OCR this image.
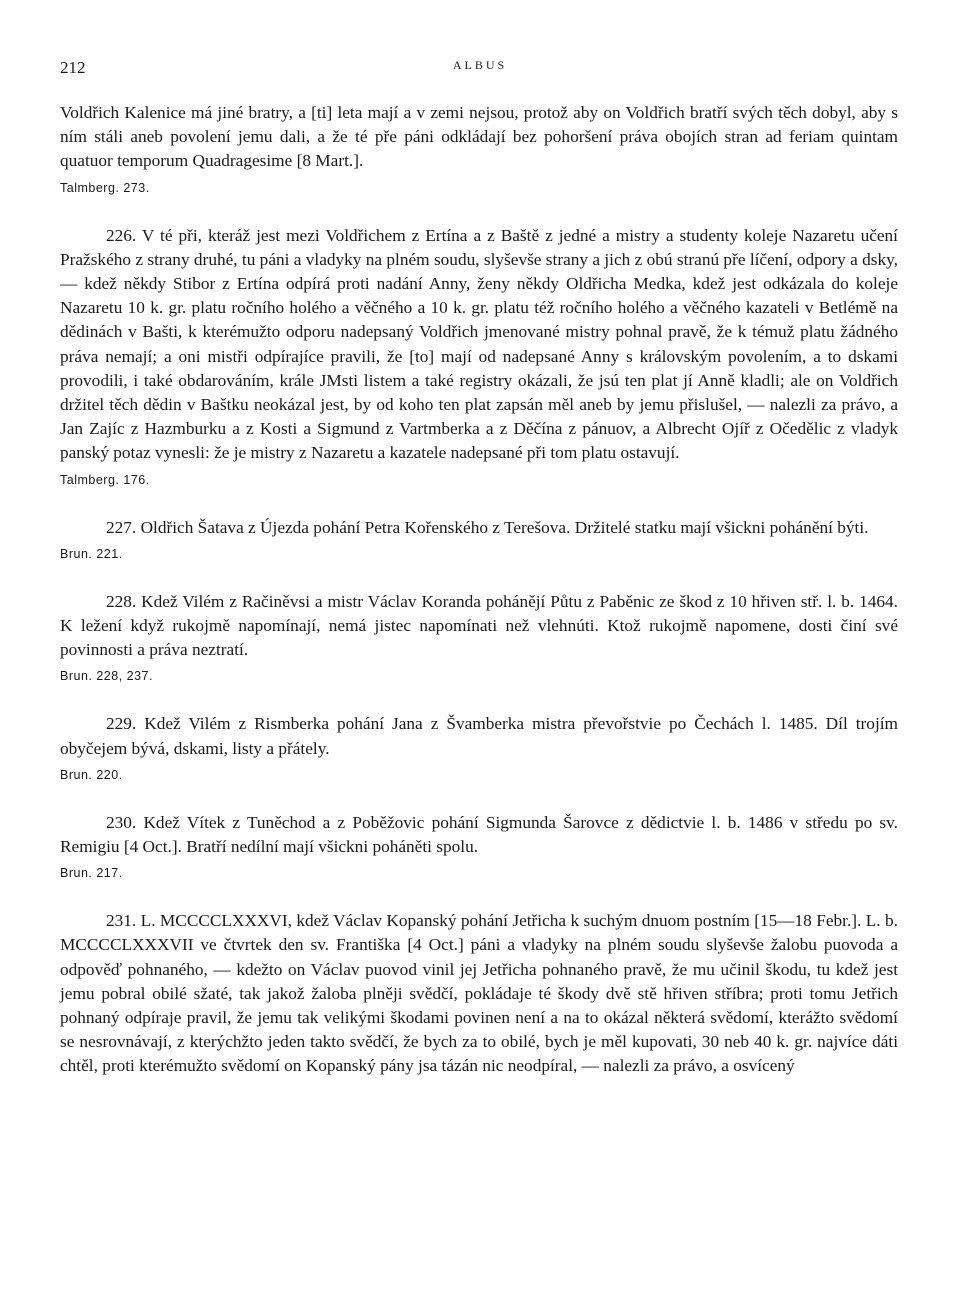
212	ALBUS

Voldřich Kalenice má jiné bratry, a [ti] leta mají a v zemi nejsou, protož aby on Voldřich bratří svých těch dobyl, aby s ním stáli aneb povolení jemu dali, a že té pře páni odkládají bez pohoršení práva obojích stran ad feriam quintam quatuor temporum Quadragesime [8 Mart.].

Talmberg. 273.

226. V té při, kteráž jest mezi Voldřichem z Ertína a z Baště z jedné a mistry a studenty koleje Nazaretu učení Pražského z strany druhé, tu páni a vladyky na plném soudu, slyševše strany a jich z obú stranú pře líčení, odpory a dsky, — kdež někdy Stibor z Ertína odpírá proti nadání Anny, ženy někdy Oldřicha Medka, kdež jest odkázala do koleje Nazaretu 10 k. gr. platu ročního holého a věčného a 10 k. gr. platu též ročního holého a věčného kazateli v Betlémě na dědinách v Bašti, k kterémužto odporu nadepsaný Voldřich jmenované mistry pohnal pravě, že k témuž platu žádného práva nemají; a oni mistři odpírajíce pravili, že [to] mají od nadepsané Anny s královským povolením, a to dskami provodili, i také obdarováním, krále JMsti listem a také registry okázali, že jsú ten plat jí Anně kladli; ale on Voldřich držitel těch dědin v Baštku neokázal jest, by od koho ten plat zapsán měl aneb by jemu přislušel, — nalezli za právo, a Jan Zajíc z Hazmburku a z Kosti a Sigmund z Vartmberka a z Děčína z pánuov, a Albrecht Ojíř z Očedělic z vladyk panský potaz vynesli: že je mistry z Nazaretu a kazatele nadepsané při tom platu ostavují.

Talmberg. 176.

227. Oldřich Šatava z Újezda pohání Petra Kořenského z Terešova. Držitelé statku mají všickni pohánění býti.

Brun. 221.

228. Kdež Vilém z Račiněvsi a mistr Václav Koranda pohánějí Půtu z Paběnic ze škod z 10 hřiven stř. l. b. 1464. K ležení když rukojmě napomínají, nemá jistec napomínati než vlehnúti. Ktož rukojmě napomene, dosti činí své povinnosti a práva neztratí.

Brun. 228, 237.

229. Kdež Vilém z Rismberka pohání Jana z Švamberka mistra převořstvie po Čechách l. 1485. Díl trojím obyčejem bývá, dskami, listy a přátely.

Brun. 220.

230. Kdež Vítek z Tuněchod a z Poběžovic pohání Sigmunda Šarovce z dědictvie l. b. 1486 v středu po sv. Remigiu [4 Oct.]. Bratří nedílní mají všickni poháněti spolu.

Brun. 217.

231. L. MCCCCLXXXVI, kdež Václav Kopanský pohání Jetřicha k suchým dnuom postním [15—18 Febr.]. L. b. MCCCCLXXXVII ve čtvrtek den sv. Františka [4 Oct.] páni a vladyky na plném soudu slyševše žalobu puovoda a odpověď pohnaného, — kdežto on Václav puovod vinil jej Jetřicha pohnaného pravě, že mu učinil škodu, tu kdež jest jemu pobral obilé sžaté, tak jakož žaloba plněji svědčí, pokládaje té škody dvě stě hřiven stříbra; proti tomu Jetřich pohnaný odpíraje pravil, že jemu tak velikými škodami povinen není a na to okázal některá svědomí, kterážto svědomí se nesrovnávají, z kterýchžto jeden takto svědčí, že bych za to obilé, bych je měl kupovati, 30 neb 40 k. gr. najvíce dáti chtěl, proti kterémužto svědomí on Kopanský pány jsa tázán nic neodpíral, — nalezli za právo, a osvícený
